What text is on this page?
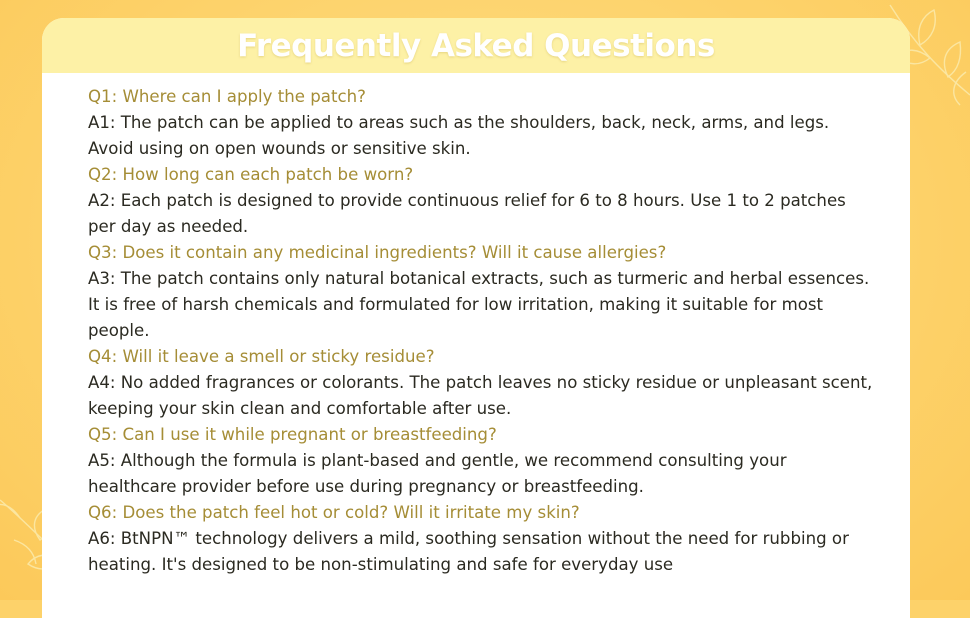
Frequently Asked Questions
Q1: Where can I apply the patch?
A1: The patch can be applied to areas such as the shoulders, back, neck, arms, and legs. Avoid using on open wounds or sensitive skin.
Q2: How long can each patch be worn?
A2: Each patch is designed to provide continuous relief for 6 to 8 hours. Use 1 to 2 patches per day as needed.
Q3: Does it contain any medicinal ingredients? Will it cause allergies?
A3: The patch contains only natural botanical extracts, such as turmeric and herbal essences. It is free of harsh chemicals and formulated for low irritation, making it suitable for most people.
Q4: Will it leave a smell or sticky residue?
A4: No added fragrances or colorants. The patch leaves no sticky residue or unpleasant scent, keeping your skin clean and comfortable after use.
Q5: Can I use it while pregnant or breastfeeding?
A5: Although the formula is plant-based and gentle, we recommend consulting your healthcare provider before use during pregnancy or breastfeeding.
Q6: Does the patch feel hot or cold? Will it irritate my skin?
A6: BtNPN™ technology delivers a mild, soothing sensation without the need for rubbing or heating. It's designed to be non-stimulating and safe for everyday use
